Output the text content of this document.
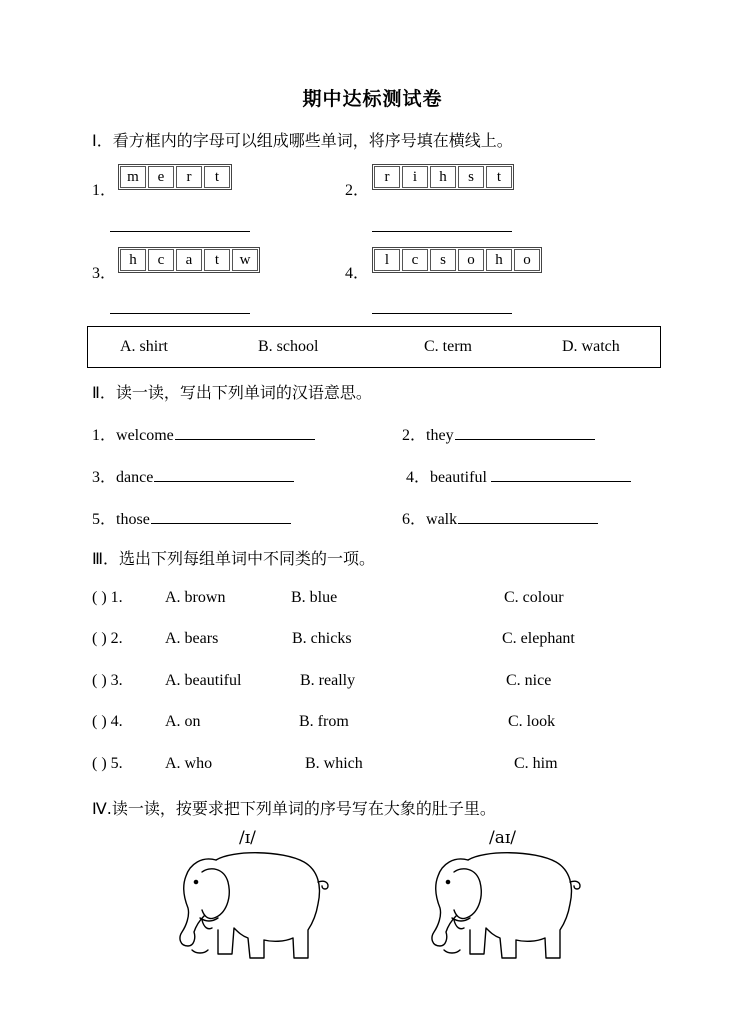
期中达标测试卷
I．看方框内的字母可以组成哪些单词，将序号填在横线上。
1．
m	e	r	t
2．
r	i	h	s	t
3．
h	c	a	t	w
4．
l	c	s	o	h	o
A. shirt	B. school	C. term	D. watch
Ⅱ．读一读，写出下列单词的汉语意思。
1．welcome	2．they
3．dance	4．beautiful
5．those	6．walk
Ⅲ．选出下列每组单词中不同类的一项。
( ) 1.	A. brown	B. blue	C. colour
( ) 2.	A. bears	B. chicks	C. elephant
( ) 3.	A. beautiful	B. really	C. nice
( ) 4.	A. on	B. from	C. look
( ) 5.	A. who	B. which	C. him
Ⅳ.读一读，按要求把下列单词的序号写在大象的肚子里。
/ɪ/	/aɪ/
